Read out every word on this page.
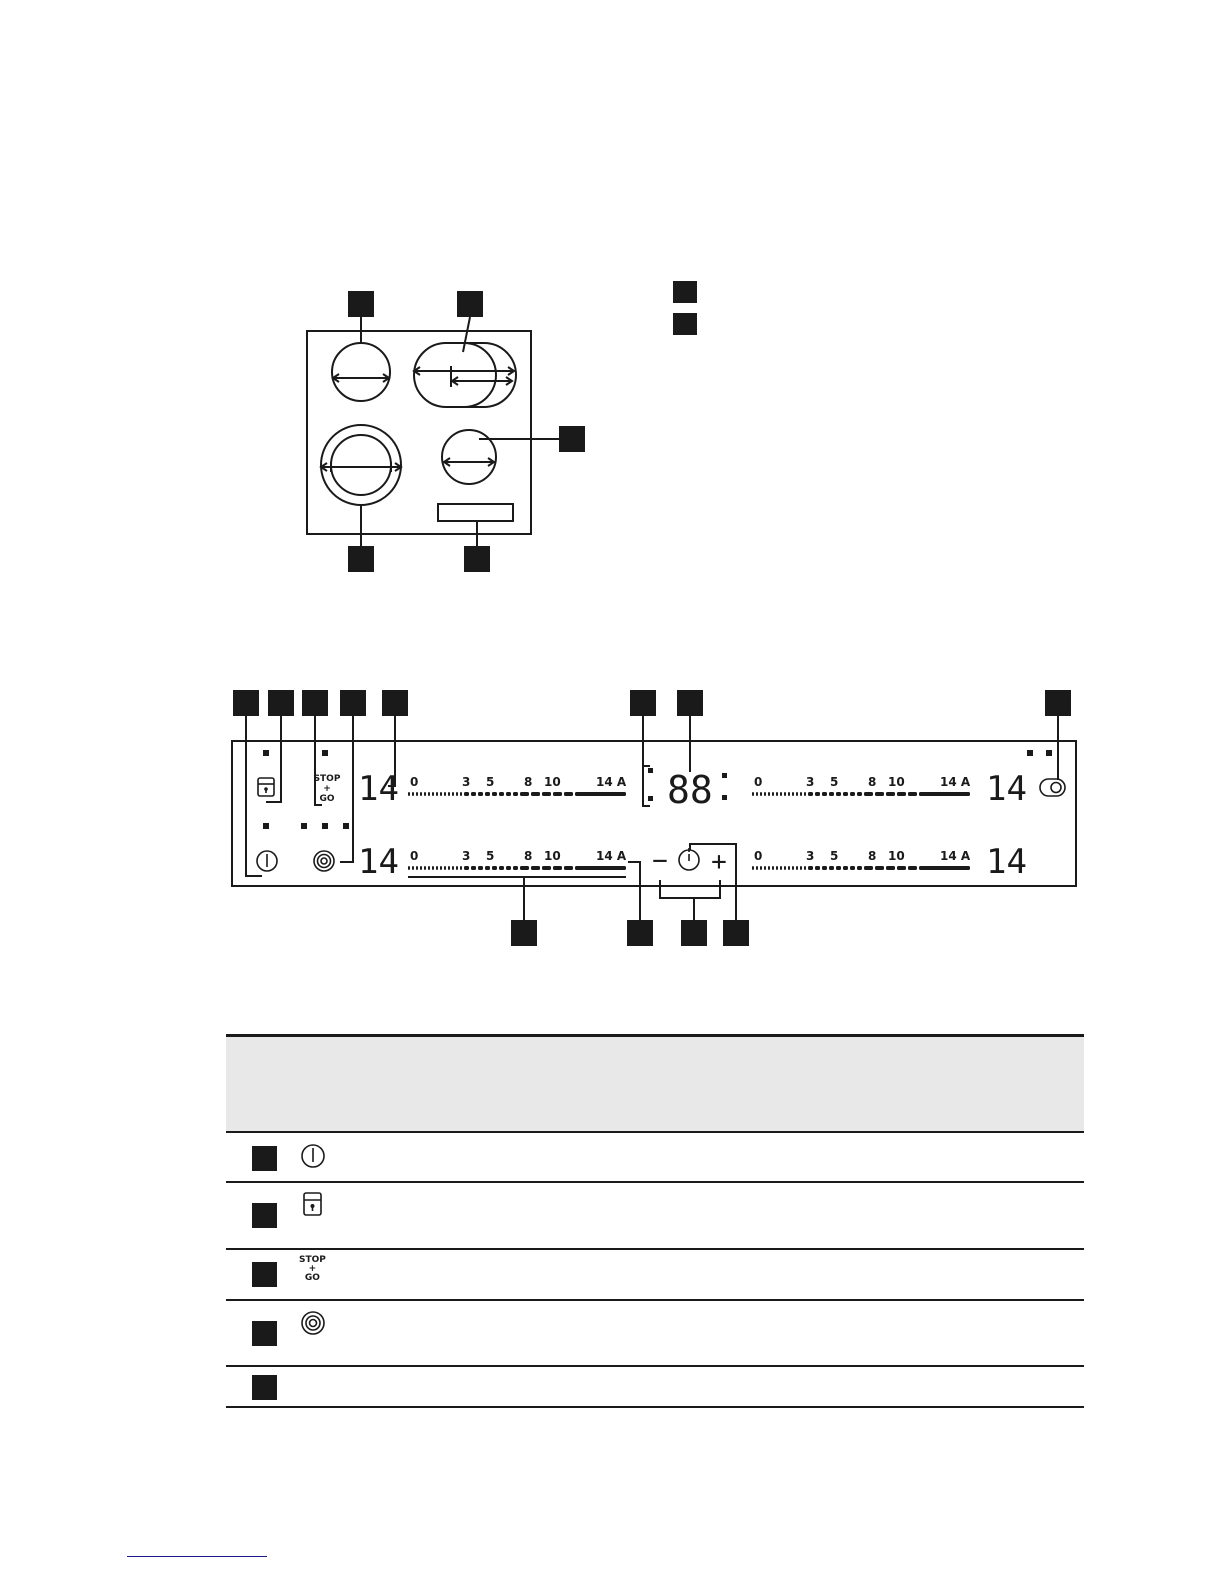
STOP
+
GO 14
14
14
14
88
− +
0	3 5 8 10	14 A
0	3 5 8 10	14 A
0	3 5 8 10	14 A
0	3 5 8 10	14 A

	STOP
+
GO	
